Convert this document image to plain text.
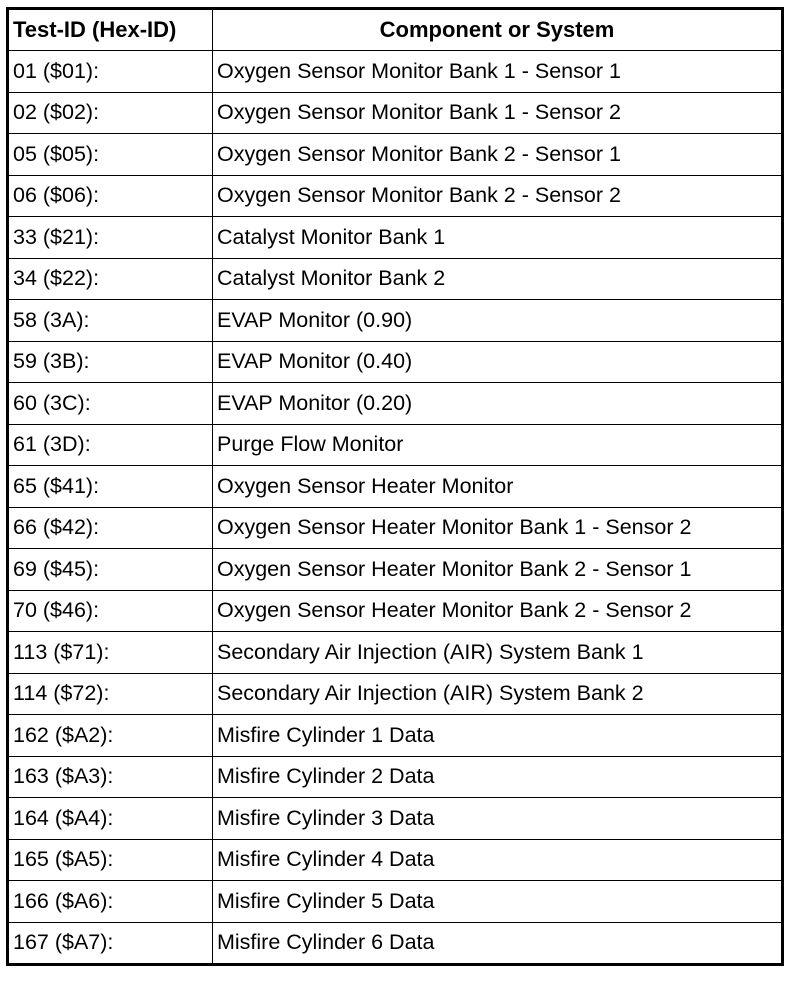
Test-ID (Hex-ID)	Component or System
01 ($01):	Oxygen Sensor Monitor Bank 1 - Sensor 1
02 ($02):	Oxygen Sensor Monitor Bank 1 - Sensor 2
05 ($05):	Oxygen Sensor Monitor Bank 2 - Sensor 1
06 ($06):	Oxygen Sensor Monitor Bank 2 - Sensor 2
33 ($21):	Catalyst Monitor Bank 1
34 ($22):	Catalyst Monitor Bank 2
58 (3A):	EVAP Monitor (0.90)
59 (3B):	EVAP Monitor (0.40)
60 (3C):	EVAP Monitor (0.20)
61 (3D):	Purge Flow Monitor
65 ($41):	Oxygen Sensor Heater Monitor
66 ($42):	Oxygen Sensor Heater Monitor Bank 1 - Sensor 2
69 ($45):	Oxygen Sensor Heater Monitor Bank 2 - Sensor 1
70 ($46):	Oxygen Sensor Heater Monitor Bank 2 - Sensor 2
113 ($71):	Secondary Air Injection (AIR) System Bank 1
114 ($72):	Secondary Air Injection (AIR) System Bank 2
162 ($A2):	Misfire Cylinder 1 Data
163 ($A3):	Misfire Cylinder 2 Data
164 ($A4):	Misfire Cylinder 3 Data
165 ($A5):	Misfire Cylinder 4 Data
166 ($A6):	Misfire Cylinder 5 Data
167 ($A7):	Misfire Cylinder 6 Data
